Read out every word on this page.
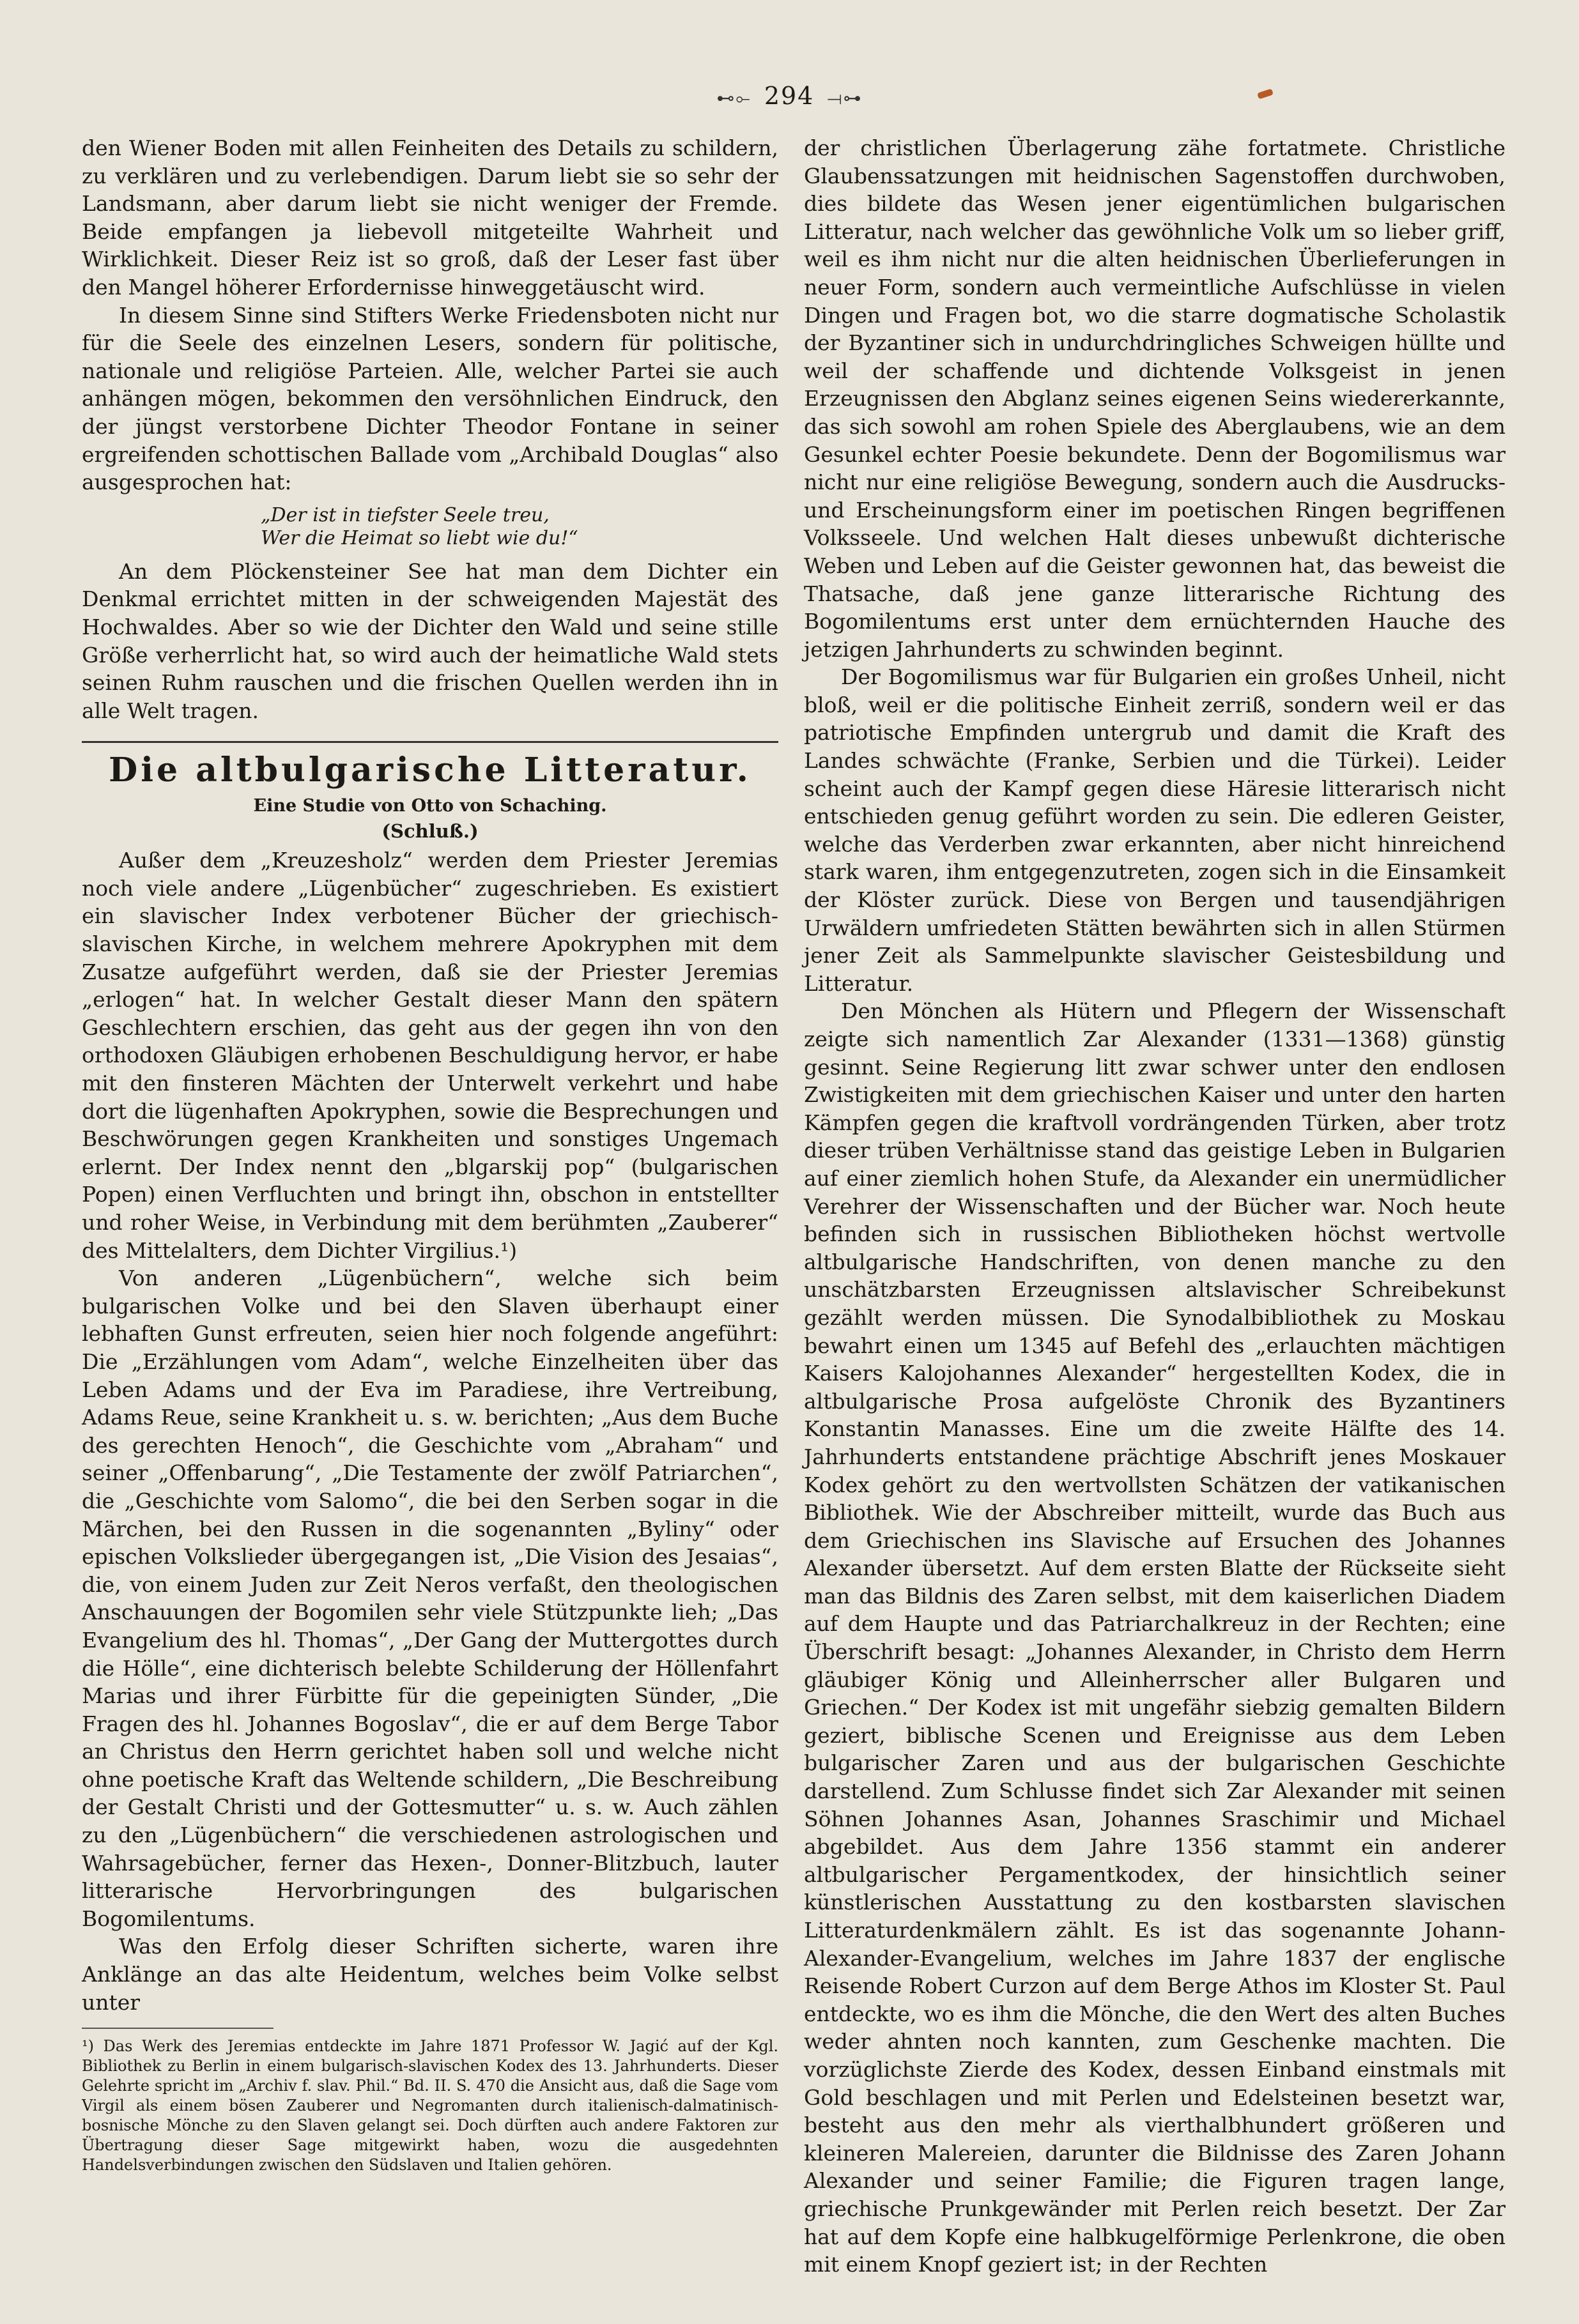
⊷⟜ 294 ⟞⊶

den Wiener Boden mit allen Feinheiten des Details zu schildern, zu verklären und zu verlebendigen. Darum liebt sie so sehr der Landsmann, aber darum liebt sie nicht weniger der Fremde. Beide empfangen ja liebevoll mitgeteilte Wahrheit und Wirklichkeit. Dieser Reiz ist so groß, daß der Leser fast über den Mangel höherer Erfordernisse hinweggetäuscht wird.

In diesem Sinne sind Stifters Werke Friedensboten nicht nur für die Seele des einzelnen Lesers, sondern für politische, nationale und religiöse Parteien. Alle, welcher Partei sie auch anhängen mögen, bekommen den versöhnlichen Eindruck, den der jüngst verstorbene Dichter Theodor Fontane in seiner ergreifenden schottischen Ballade vom „Archibald Douglas“ also ausgesprochen hat:

„Der ist in tiefster Seele treu,
Wer die Heimat so liebt wie du!“

An dem Plöckensteiner See hat man dem Dichter ein Denkmal errichtet mitten in der schweigenden Majestät des Hochwaldes. Aber so wie der Dichter den Wald und seine stille Größe verherrlicht hat, so wird auch der heimatliche Wald stets seinen Ruhm rauschen und die frischen Quellen werden ihn in alle Welt tragen.

Die altbulgarische Litteratur.
Eine Studie von Otto von Schaching.
(Schluß.)

Außer dem „Kreuzesholz“ werden dem Priester Jeremias noch viele andere „Lügenbücher“ zugeschrieben. Es existiert ein slavischer Index verbotener Bücher der griechisch-slavischen Kirche, in welchem mehrere Apokryphen mit dem Zusatze aufgeführt werden, daß sie der Priester Jeremias „erlogen“ hat. In welcher Gestalt dieser Mann den spätern Geschlechtern erschien, das geht aus der gegen ihn von den orthodoxen Gläubigen erhobenen Beschuldigung hervor, er habe mit den finsteren Mächten der Unterwelt verkehrt und habe dort die lügenhaften Apokryphen, sowie die Besprechungen und Beschwörungen gegen Krankheiten und sonstiges Ungemach erlernt. Der Index nennt den „blgarskij pop“ (bulgarischen Popen) einen Verfluchten und bringt ihn, obschon in entstellter und roher Weise, in Verbindung mit dem berühmten „Zauberer“ des Mittelalters, dem Dichter Virgilius.¹)

Von anderen „Lügenbüchern“, welche sich beim bulgarischen Volke und bei den Slaven überhaupt einer lebhaften Gunst erfreuten, seien hier noch folgende angeführt: Die „Erzählungen vom Adam“, welche Einzelheiten über das Leben Adams und der Eva im Paradiese, ihre Vertreibung, Adams Reue, seine Krankheit u. s. w. berichten; „Aus dem Buche des gerechten Henoch“, die Geschichte vom „Abraham“ und seiner „Offenbarung“, „Die Testamente der zwölf Patriarchen“, die „Geschichte vom Salomo“, die bei den Serben sogar in die Märchen, bei den Russen in die sogenannten „Byliny“ oder epischen Volkslieder übergegangen ist, „Die Vision des Jesaias“, die, von einem Juden zur Zeit Neros verfaßt, den theologischen Anschauungen der Bogomilen sehr viele Stützpunkte lieh; „Das Evangelium des hl. Thomas“, „Der Gang der Muttergottes durch die Hölle“, eine dichterisch belebte Schilderung der Höllenfahrt Marias und ihrer Fürbitte für die gepeinigten Sünder, „Die Fragen des hl. Johannes Bogoslav“, die er auf dem Berge Tabor an Christus den Herrn gerichtet haben soll und welche nicht ohne poetische Kraft das Weltende schildern, „Die Beschreibung der Gestalt Christi und der Gottesmutter“ u. s. w. Auch zählen zu den „Lügenbüchern“ die verschiedenen astrologischen und Wahrsagebücher, ferner das Hexen-, Donner-Blitzbuch, lauter litterarische Hervorbringungen des bulgarischen Bogomilentums.

Was den Erfolg dieser Schriften sicherte, waren ihre Anklänge an das alte Heidentum, welches beim Volke selbst unter

¹) Das Werk des Jeremias entdeckte im Jahre 1871 Professor W. Jagić auf der Kgl. Bibliothek zu Berlin in einem bulgarisch-slavischen Kodex des 13. Jahrhunderts. Dieser Gelehrte spricht im „Archiv f. slav. Phil.“ Bd. II. S. 470 die Ansicht aus, daß die Sage vom Virgil als einem bösen Zauberer und Negromanten durch italienisch-dalmatinisch-bosnische Mönche zu den Slaven gelangt sei. Doch dürften auch andere Faktoren zur Übertragung dieser Sage mitgewirkt haben, wozu die ausgedehnten Handelsverbindungen zwischen den Südslaven und Italien gehören.

der christlichen Überlagerung zähe fortatmete. Christliche Glaubenssatzungen mit heidnischen Sagenstoffen durchwoben, dies bildete das Wesen jener eigentümlichen bulgarischen Litteratur, nach welcher das gewöhnliche Volk um so lieber griff, weil es ihm nicht nur die alten heidnischen Überlieferungen in neuer Form, sondern auch vermeintliche Aufschlüsse in vielen Dingen und Fragen bot, wo die starre dogmatische Scholastik der Byzantiner sich in undurchdringliches Schweigen hüllte und weil der schaffende und dichtende Volksgeist in jenen Erzeugnissen den Abglanz seines eigenen Seins wiedererkannte, das sich sowohl am rohen Spiele des Aberglaubens, wie an dem Gesunkel echter Poesie bekundete. Denn der Bogomilismus war nicht nur eine religiöse Bewegung, sondern auch die Ausdrucks- und Erscheinungsform einer im poetischen Ringen begriffenen Volksseele. Und welchen Halt dieses unbewußt dichterische Weben und Leben auf die Geister gewonnen hat, das beweist die Thatsache, daß jene ganze litterarische Richtung des Bogomilentums erst unter dem ernüchternden Hauche des jetzigen Jahrhunderts zu schwinden beginnt.

Der Bogomilismus war für Bulgarien ein großes Unheil, nicht bloß, weil er die politische Einheit zerriß, sondern weil er das patriotische Empfinden untergrub und damit die Kraft des Landes schwächte (Franke, Serbien und die Türkei). Leider scheint auch der Kampf gegen diese Häresie litterarisch nicht entschieden genug geführt worden zu sein. Die edleren Geister, welche das Verderben zwar erkannten, aber nicht hinreichend stark waren, ihm entgegenzutreten, zogen sich in die Einsamkeit der Klöster zurück. Diese von Bergen und tausendjährigen Urwäldern umfriedeten Stätten bewährten sich in allen Stürmen jener Zeit als Sammelpunkte slavischer Geistesbildung und Litteratur.

Den Mönchen als Hütern und Pflegern der Wissenschaft zeigte sich namentlich Zar Alexander (1331—1368) günstig gesinnt. Seine Regierung litt zwar schwer unter den endlosen Zwistigkeiten mit dem griechischen Kaiser und unter den harten Kämpfen gegen die kraftvoll vordrängenden Türken, aber trotz dieser trüben Verhältnisse stand das geistige Leben in Bulgarien auf einer ziemlich hohen Stufe, da Alexander ein unermüdlicher Verehrer der Wissenschaften und der Bücher war. Noch heute befinden sich in russischen Bibliotheken höchst wertvolle altbulgarische Handschriften, von denen manche zu den unschätzbarsten Erzeugnissen altslavischer Schreibekunst gezählt werden müssen. Die Synodalbibliothek zu Moskau bewahrt einen um 1345 auf Befehl des „erlauchten mächtigen Kaisers Kalojohannes Alexander“ hergestellten Kodex, die in altbulgarische Prosa aufgelöste Chronik des Byzantiners Konstantin Manasses. Eine um die zweite Hälfte des 14. Jahrhunderts entstandene prächtige Abschrift jenes Moskauer Kodex gehört zu den wertvollsten Schätzen der vatikanischen Bibliothek. Wie der Abschreiber mitteilt, wurde das Buch aus dem Griechischen ins Slavische auf Ersuchen des Johannes Alexander übersetzt. Auf dem ersten Blatte der Rückseite sieht man das Bildnis des Zaren selbst, mit dem kaiserlichen Diadem auf dem Haupte und das Patriarchalkreuz in der Rechten; eine Überschrift besagt: „Johannes Alexander, in Christo dem Herrn gläubiger König und Alleinherrscher aller Bulgaren und Griechen.“ Der Kodex ist mit ungefähr siebzig gemalten Bildern geziert, biblische Scenen und Ereignisse aus dem Leben bulgarischer Zaren und aus der bulgarischen Geschichte darstellend. Zum Schlusse findet sich Zar Alexander mit seinen Söhnen Johannes Asan, Johannes Sraschimir und Michael abgebildet. Aus dem Jahre 1356 stammt ein anderer altbulgarischer Pergamentkodex, der hinsichtlich seiner künstlerischen Ausstattung zu den kostbarsten slavischen Litteraturdenkmälern zählt. Es ist das sogenannte Johann-Alexander-Evangelium, welches im Jahre 1837 der englische Reisende Robert Curzon auf dem Berge Athos im Kloster St. Paul entdeckte, wo es ihm die Mönche, die den Wert des alten Buches weder ahnten noch kannten, zum Geschenke machten. Die vorzüglichste Zierde des Kodex, dessen Einband einstmals mit Gold beschlagen und mit Perlen und Edelsteinen besetzt war, besteht aus den mehr als vierthalbhundert größeren und kleineren Malereien, darunter die Bildnisse des Zaren Johann Alexander und seiner Familie; die Figuren tragen lange, griechische Prunkgewänder mit Perlen reich besetzt. Der Zar hat auf dem Kopfe eine halbkugelförmige Perlenkrone, die oben mit einem Knopf geziert ist; in der Rechten
